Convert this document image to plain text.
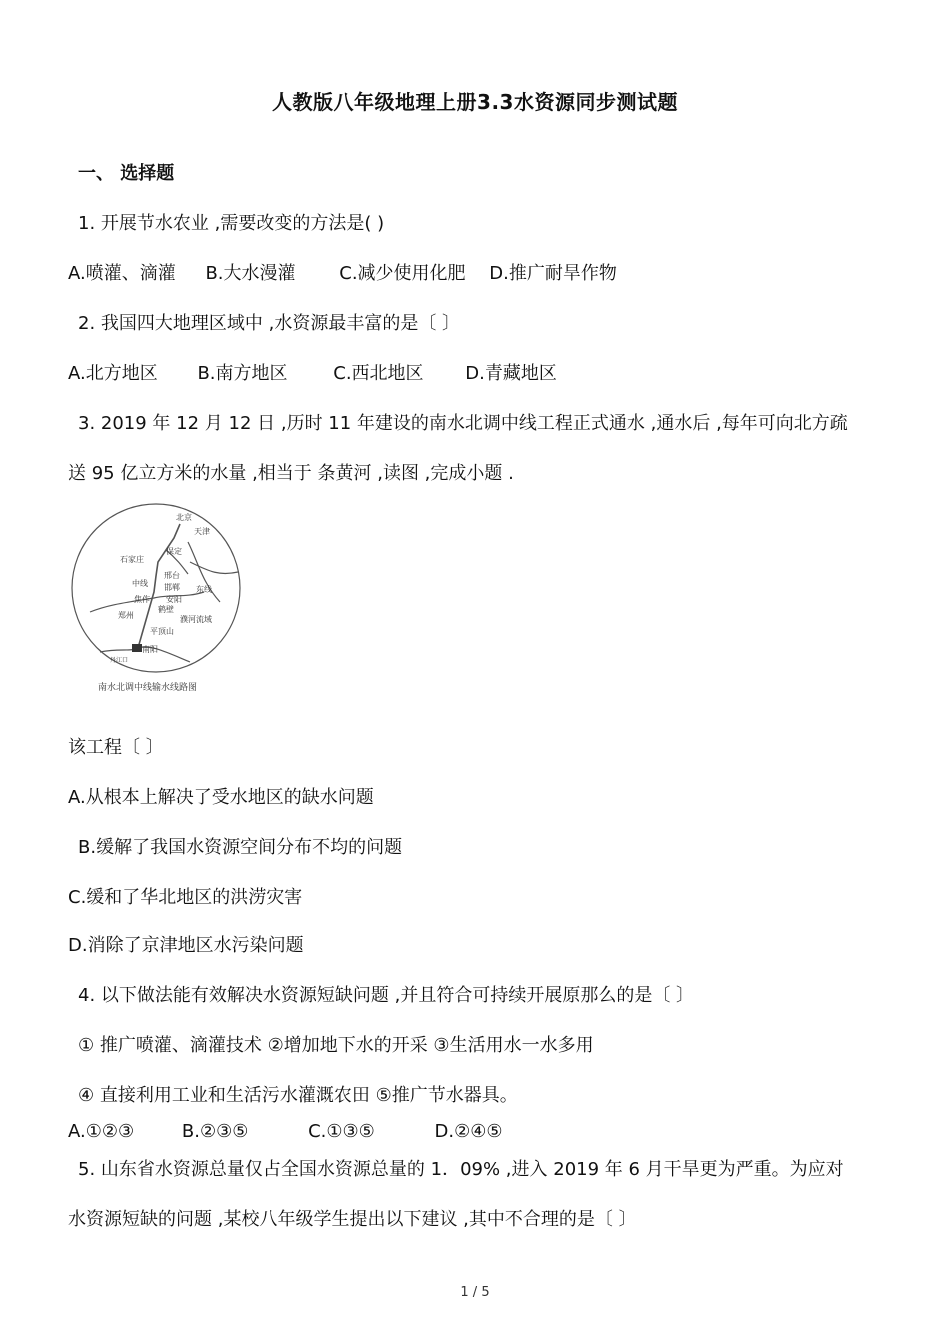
人教版八年级地理上册3.3水资源同步测试题
一、 选择题
1. 开展节水农业 ,需要改变的方法是( )
A.喷灌、滴灌 B.大水漫灌 C.减少使用化肥 D.推广耐旱作物
2. 我国四大地理区域中 ,水资源最丰富的是〔 〕
A.北方地区 B.南方地区	C.西北地区 D.青藏地区
3. 2019 年 12 月 12 日 ,历时 11 年建设的南水北调中线工程正式通水 ,通水后 ,每年可向北方疏
送 95 亿立方米的水量 ,相当于 条黄河 ,读图 ,完成小题 .
北京
天津
保定
石家庄
中线
邢台
邯郸
安阳
焦作
鹤壁
郑州	濮河流域
东线
平顶山
南阳
丹江口
南水北调中线输水线路图
该工程〔 〕
A.从根本上解决了受水地区的缺水问题
B.缓解了我国水资源空间分布不均的问题
C.缓和了华北地区的洪涝灾害
D.消除了京津地区水污染问题
4. 以下做法能有效解决水资源短缺问题 ,并且符合可持续开展原那么的是〔 〕
① 推广喷灌、滴灌技术 ②增加地下水的开采 ③生活用水一水多用
④ 直接利用工业和生活污水灌溉农田 ⑤推广节水器具。
A.①②③	B.②③⑤	C.①③⑤	D.②④⑤
5. 山东省水资源总量仅占全国水资源总量的 1．09% ,进入 2019 年 6 月干旱更为严重。为应对
水资源短缺的问题 ,某校八年级学生提出以下建议 ,其中不合理的是〔 〕
1 / 5
